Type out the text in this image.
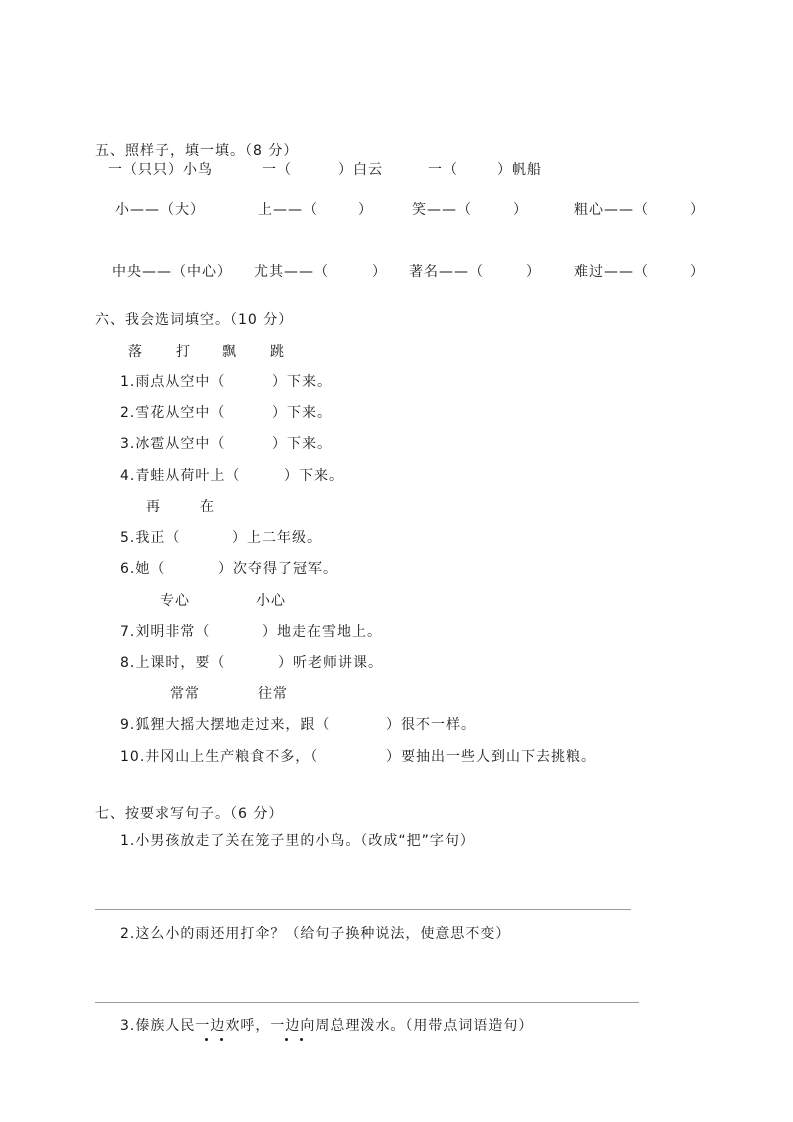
五、照样子，填一填。（8 分）
一（只只）小鸟	一（	）白云	一（	）帆船
小——（大）	上——（	）	笑——（	）	粗心——（	）
中央——（中心） 尤其——（	） 著名——（	） 难过——（	）
六、我会选词填空。（10 分）
落 打 飘 跳
1.雨点从空中（	）下来。
2.雪花从空中（	）下来。
3.冰雹从空中（	）下来。
4.青蛙从荷叶上（	）下来。
再	在
5.我正（	）上二年级。
6.她（	）次夺得了冠军。
专心	小心
7.刘明非常（	）地走在雪地上。
8.上课时，要（	）听老师讲课。
常常	往常
9.狐狸大摇大摆地走过来，跟（	）很不一样。
10.井冈山上生产粮食不多，（	）要抽出一些人到山下去挑粮。
七、按要求写句子。（6 分）
1.小男孩放走了关在笼子里的小鸟。（改成“把”字句）
2.这么小的雨还用打伞？（给句子换种说法，使意思不变）
3.傣族人民一边欢呼，一边向周总理泼水。（用带点词语造句）
